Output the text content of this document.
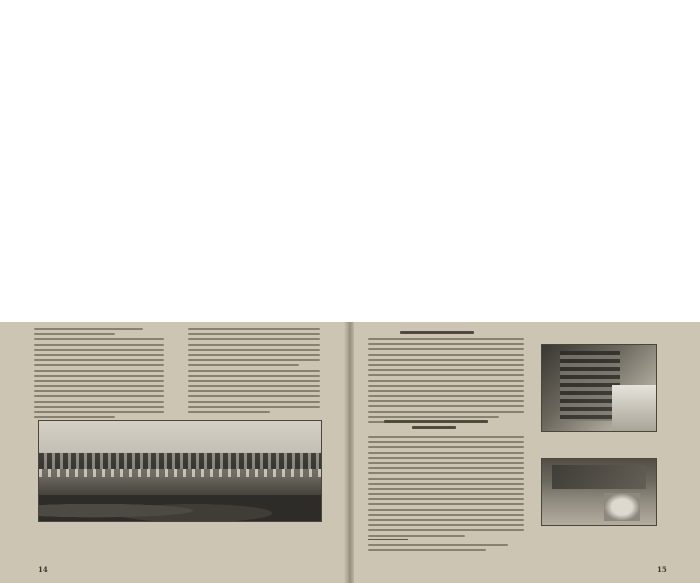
14	15
